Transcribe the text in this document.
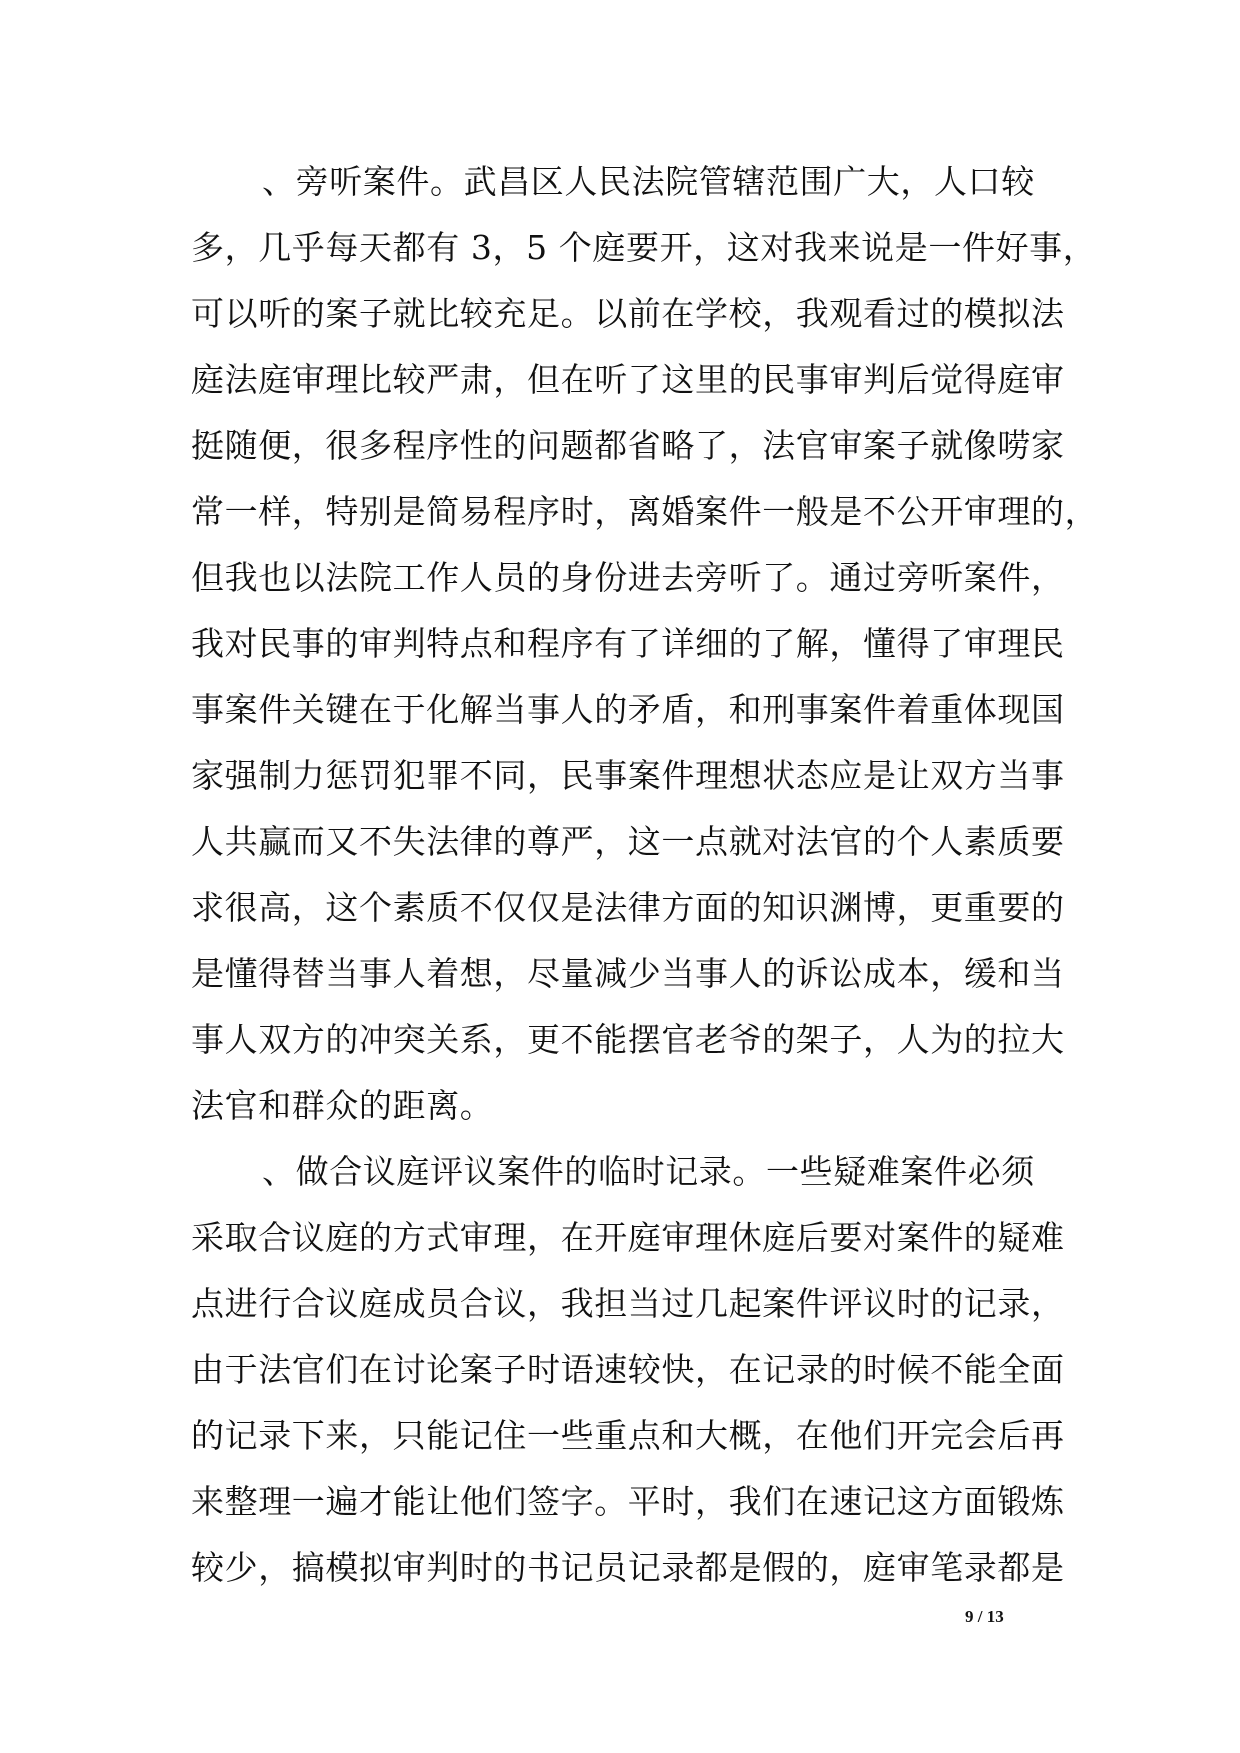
、旁听案件。武昌区人民法院管辖范围广大，人口较
多，几乎每天都有 3，5 个庭要开，这对我来说是一件好事，
可以听的案子就比较充足。以前在学校，我观看过的模拟法
庭法庭审理比较严肃，但在听了这里的民事审判后觉得庭审
挺随便，很多程序性的问题都省略了，法官审案子就像唠家
常一样，特别是简易程序时，离婚案件一般是不公开审理的，
但我也以法院工作人员的身份进去旁听了。通过旁听案件，
我对民事的审判特点和程序有了详细的了解，懂得了审理民
事案件关键在于化解当事人的矛盾，和刑事案件着重体现国
家强制力惩罚犯罪不同，民事案件理想状态应是让双方当事
人共赢而又不失法律的尊严，这一点就对法官的个人素质要
求很高，这个素质不仅仅是法律方面的知识渊博，更重要的
是懂得替当事人着想，尽量减少当事人的诉讼成本，缓和当
事人双方的冲突关系，更不能摆官老爷的架子，人为的拉大
法官和群众的距离。
、做合议庭评议案件的临时记录。一些疑难案件必须
采取合议庭的方式审理，在开庭审理休庭后要对案件的疑难
点进行合议庭成员合议，我担当过几起案件评议时的记录，
由于法官们在讨论案子时语速较快，在记录的时候不能全面
的记录下来，只能记住一些重点和大概，在他们开完会后再
来整理一遍才能让他们签字。平时，我们在速记这方面锻炼
较少，搞模拟审判时的书记员记录都是假的，庭审笔录都是
9 / 13
